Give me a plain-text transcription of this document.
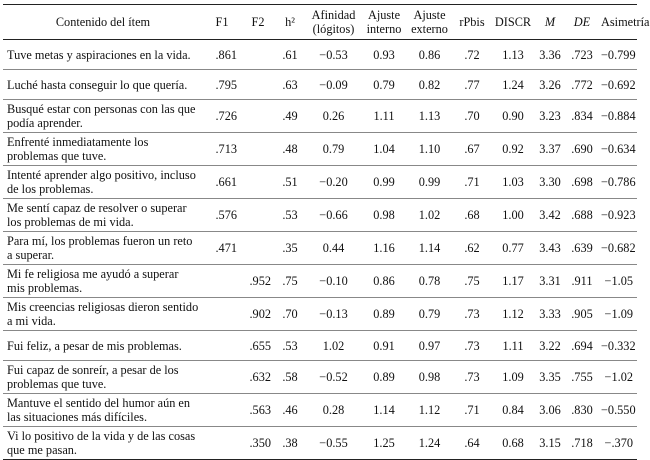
Contenido del ítem	F1	F2	h²	Afinidad (lógitos)	Ajuste interno	Ajuste externo	rPbis	DISCR	M	DE	Asimetría
Tuve metas y aspiraciones en la vida.	.861		.61	−0.53	0.93	0.86	.72	1.13	3.36	.723	−0.799
Luché hasta conseguir lo que quería.	.795		.63	−0.09	0.79	0.82	.77	1.24	3.26	.772	−0.692
Busqué estar con personas con las que podía aprender.	.726		.49	0.26	1.11	1.13	.70	0.90	3.23	.834	−0.884
Enfrenté inmediatamente los problemas que tuve.	.713		.48	0.79	1.04	1.10	.67	0.92	3.37	.690	−0.634
Intenté aprender algo positivo, incluso de los problemas.	.661		.51	−0.20	0.99	0.99	.71	1.03	3.30	.698	−0.786
Me sentí capaz de resolver o superar los problemas de mi vida.	.576		.53	−0.66	0.98	1.02	.68	1.00	3.42	.688	−0.923
Para mí, los problemas fueron un reto a superar.	.471		.35	0.44	1.16	1.14	.62	0.77	3.43	.639	−0.682
Mi fe religiosa me ayudó a superar mis problemas.		.952	.75	−0.10	0.86	0.78	.75	1.17	3.31	.911	−1.05
Mis creencias religiosas dieron sentido a mi vida.		.902	.70	−0.13	0.89	0.79	.73	1.12	3.33	.905	−1.09
Fui feliz, a pesar de mis problemas.		.655	.53	1.02	0.91	0.97	.73	1.11	3.22	.694	−0.332
Fui capaz de sonreír, a pesar de los problemas que tuve.		.632	.58	−0.52	0.89	0.98	.73	1.09	3.35	.755	−1.02
Mantuve el sentido del humor aún en las situaciones más difíciles.		.563	.46	0.28	1.14	1.12	.71	0.84	3.06	.830	−0.550
Vi lo positivo de la vida y de las cosas que me pasan.		.350	.38	−0.55	1.25	1.24	.64	0.68	3.15	.718	−.370
